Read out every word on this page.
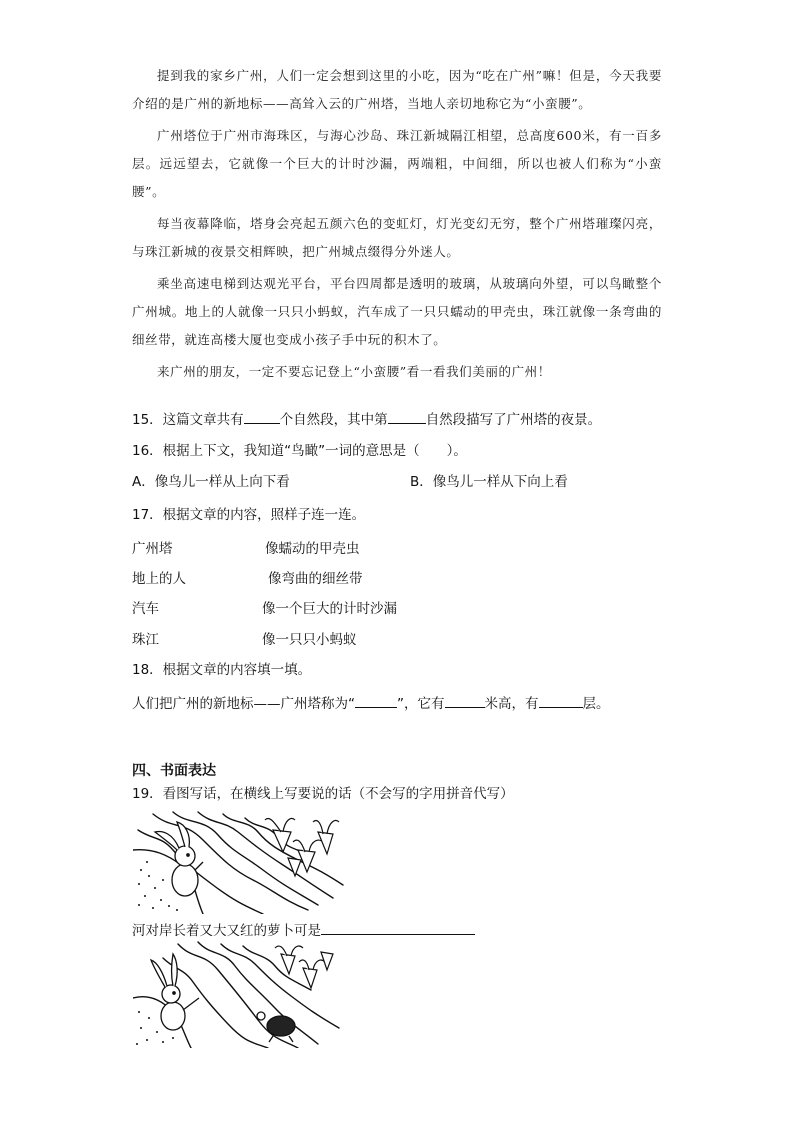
提到我的家乡广州，人们一定会想到这里的小吃，因为“吃在广州”嘛！但是，今天我要介绍的是广州的新地标——高耸入云的广州塔，当地人亲切地称它为“小蛮腰”。

广州塔位于广州市海珠区，与海心沙岛、珠江新城隔江相望，总高度600米，有一百多层。远远望去，它就像一个巨大的计时沙漏，两端粗，中间细，所以也被人们称为“小蛮腰”。

每当夜幕降临，塔身会亮起五颜六色的变虹灯，灯光变幻无穷，整个广州塔璀璨闪亮，与珠江新城的夜景交相辉映，把广州城点缀得分外迷人。

乘坐高速电梯到达观光平台，平台四周都是透明的玻璃，从玻璃向外望，可以鸟瞰整个广州城。地上的人就像一只只小蚂蚁，汽车成了一只只蠕动的甲壳虫，珠江就像一条弯曲的细丝带，就连高楼大厦也变成小孩子手中玩的积木了。

来广州的朋友，一定不要忘记登上“小蛮腰”看一看我们美丽的广州！

15．这篇文章共有	个自然段，其中第	自然段描写了广州塔的夜景。
16．根据上下文，我知道“鸟瞰”一词的意思是（　　）。
A．像鸟儿一样从上向下看	B．像鸟儿一样从下向上看
17．根据文章的内容，照样子连一连。
广州塔	像蠕动的甲壳虫
地上的人	像弯曲的细丝带
汽车	像一个巨大的计时沙漏
珠江	像一只只小蚂蚁
18．根据文章的内容填一填。
人们把广州的新地标——广州塔称为“	”，它有	米高，有	层。
四、书面表达
19．看图写话，在横线上写要说的话（不会写的字用拼音代写）
河对岸长着又大又红的萝卜可是
